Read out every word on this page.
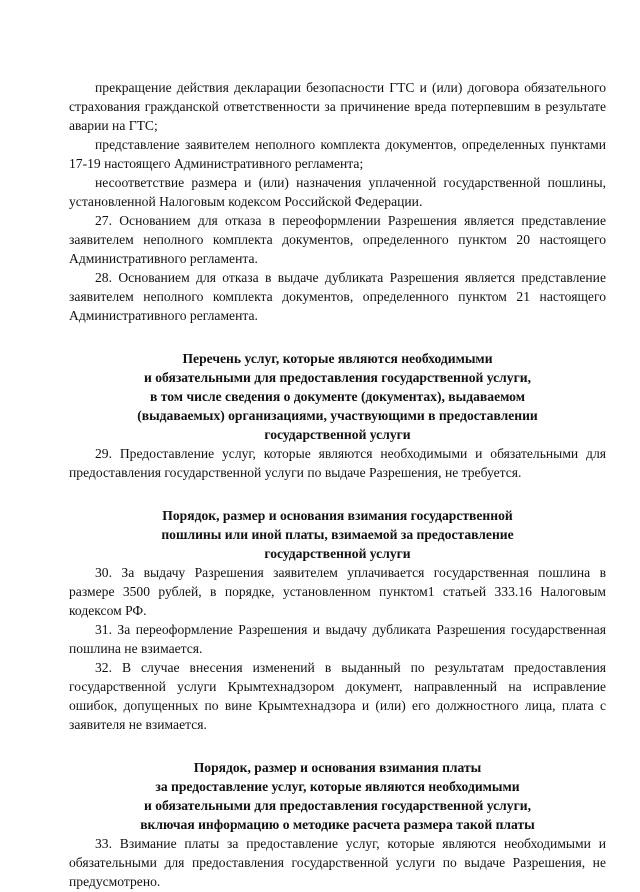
прекращение действия декларации безопасности ГТС и (или) договора обязательного страхования гражданской ответственности за причинение вреда потерпевшим в результате аварии на ГТС;

представление заявителем неполного комплекта документов, определенных пунктами 17-19 настоящего Административного регламента;

несоответствие размера и (или) назначения уплаченной государственной пошлины, установленной Налоговым кодексом Российской Федерации.

27. Основанием для отказа в переоформлении Разрешения является представление заявителем неполного комплекта документов, определенного пунктом 20 настоящего Административного регламента.

28. Основанием для отказа в выдаче дубликата Разрешения является представление заявителем неполного комплекта документов, определенного пунктом 21 настоящего Административного регламента.

Перечень услуг, которые являются необходимыми

и обязательными для предоставления государственной услуги,

в том числе сведения о документе (документах), выдаваемом

(выдаваемых) организациями, участвующими в предоставлении

государственной услуги

29. Предоставление услуг, которые являются необходимыми и обязательными для предоставления государственной услуги по выдаче Разрешения, не требуется.

Порядок, размер и основания взимания государственной

пошлины или иной платы, взимаемой за предоставление

государственной услуги

30. За выдачу Разрешения заявителем уплачивается государственная пошлина в размере 3500 рублей, в порядке, установленном пунктом1 статьей 333.16 Налоговым кодексом РФ.

31. За переоформление Разрешения и выдачу дубликата Разрешения государственная пошлина не взимается.

32. В случае внесения изменений в выданный по результатам предоставления государственной услуги Крымтехнадзором документ, направленный на исправление ошибок, допущенных по вине Крымтехнадзора и (или) его должностного лица, плата с заявителя не взимается.

Порядок, размер и основания взимания платы

за предоставление услуг, которые являются необходимыми

и обязательными для предоставления государственной услуги,

включая информацию о методике расчета размера такой платы

33. Взимание платы за предоставление услуг, которые являются необходимыми и обязательными для предоставления государственной услуги по выдаче Разрешения, не предусмотрено.
